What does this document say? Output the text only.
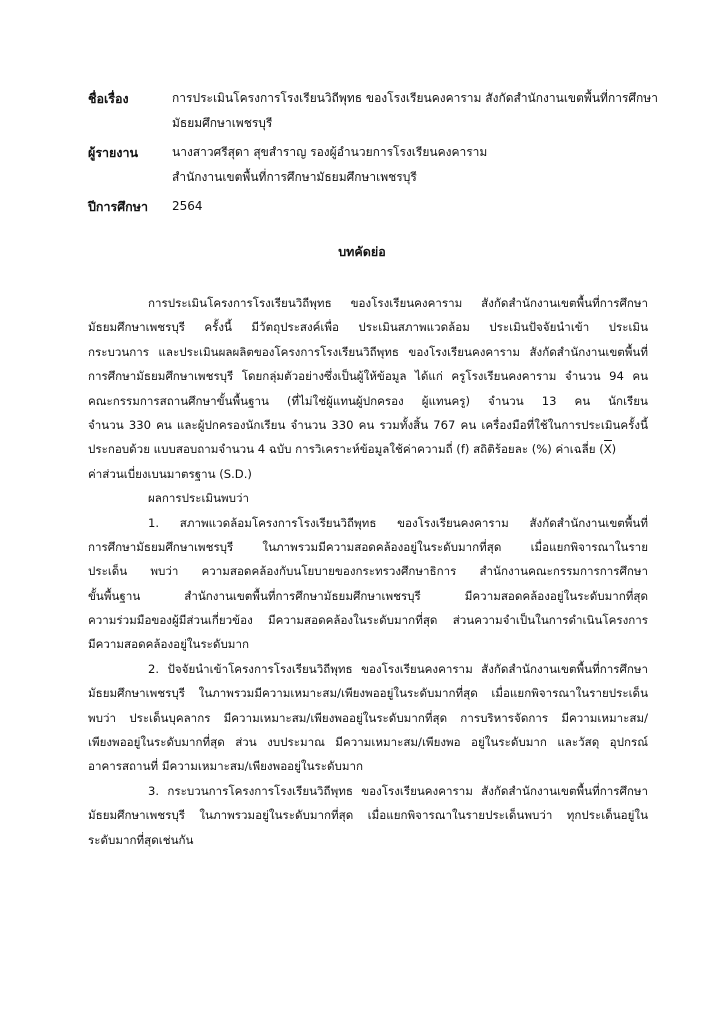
ชื่อเรื่อง	การประเมินโครงการโรงเรียนวิถีพุทธ ของโรงเรียนคงคาราม สังกัดสำนักงานเขตพื้นที่การศึกษา
มัธยมศึกษาเพชรบุรี
ผู้รายงาน	นางสาวศรีสุดา สุขสำราญ รองผู้อำนวยการโรงเรียนคงคาราม
สำนักงานเขตพื้นที่การศึกษามัธยมศึกษาเพชรบุรี
ปีการศึกษา	2564
บทคัดย่อ
การประเมินโครงการโรงเรียนวิถีพุทธ ของโรงเรียนคงคาราม สังกัดสำนักงานเขตพื้นที่การศึกษา
มัธยมศึกษาเพชรบุรี ครั้งนี้ มีวัตถุประสงค์เพื่อ ประเมินสภาพแวดล้อม ประเมินปัจจัยนำเข้า ประเมิน
กระบวนการ และประเมินผลผลิตของโครงการโรงเรียนวิถีพุทธ ของโรงเรียนคงคาราม สังกัดสำนักงานเขตพื้นที่
การศึกษามัธยมศึกษาเพชรบุรี โดยกลุ่มตัวอย่างซึ่งเป็นผู้ให้ข้อมูล ได้แก่ ครูโรงเรียนคงคาราม จำนวน 94 คน
คณะกรรมการสถานศึกษาขั้นพื้นฐาน (ที่ไม่ใช่ผู้แทนผู้ปกครอง ผู้แทนครู) จำนวน 13 คน นักเรียน
จำนวน 330 คน และผู้ปกครองนักเรียน จำนวน 330 คน รวมทั้งสิ้น 767 คน เครื่องมือที่ใช้ในการประเมินครั้งนี้
ประกอบด้วย แบบสอบถามจำนวน 4 ฉบับ การวิเคราะห์ข้อมูลใช้ค่าความถี่ (f) สถิติร้อยละ (%) ค่าเฉลี่ย (
X)
ค่าส่วนเบี่ยงเบนมาตรฐาน (S.D.)
ผลการประเมินพบว่า
1. สภาพแวดล้อมโครงการโรงเรียนวิถีพุทธ ของโรงเรียนคงคาราม สังกัดสำนักงานเขตพื้นที่
การศึกษามัธยมศึกษาเพชรบุรี ในภาพรวมมีความสอดคล้องอยู่ในระดับมากที่สุด เมื่อแยกพิจารณาในราย
ประเด็น พบว่า ความสอดคล้องกับนโยบายของกระทรวงศึกษาธิการ สำนักงานคณะกรรมการการศึกษา
ขั้นพื้นฐาน สำนักงานเขตพื้นที่การศึกษามัธยมศึกษาเพชรบุรี มีความสอดคล้องอยู่ในระดับมากที่สุด
ความร่วมมือของผู้มีส่วนเกี่ยวข้อง มีความสอดคล้องในระดับมากที่สุด ส่วนความจำเป็นในการดำเนินโครงการ
มีความสอดคล้องอยู่ในระดับมาก
2. ปัจจัยนำเข้าโครงการโรงเรียนวิถีพุทธ ของโรงเรียนคงคาราม สังกัดสำนักงานเขตพื้นที่การศึกษา
มัธยมศึกษาเพชรบุรี ในภาพรวมมีความเหมาะสม/เพียงพออยู่ในระดับมากที่สุด เมื่อแยกพิจารณาในรายประเด็น
พบว่า ประเด็นบุคลากร มีความเหมาะสม/เพียงพออยู่ในระดับมากที่สุด การบริหารจัดการ มีความเหมาะสม/
เพียงพออยู่ในระดับมากที่สุด ส่วน งบประมาณ มีความเหมาะสม/เพียงพอ อยู่ในระดับมาก และวัสดุ อุปกรณ์
อาคารสถานที่ มีความเหมาะสม/เพียงพออยู่ในระดับมาก
3. กระบวนการโครงการโรงเรียนวิถีพุทธ ของโรงเรียนคงคาราม สังกัดสำนักงานเขตพื้นที่การศึกษา
มัธยมศึกษาเพชรบุรี ในภาพรวมอยู่ในระดับมากที่สุด เมื่อแยกพิจารณาในรายประเด็นพบว่า ทุกประเด็นอยู่ใน
ระดับมากที่สุดเช่นกัน
